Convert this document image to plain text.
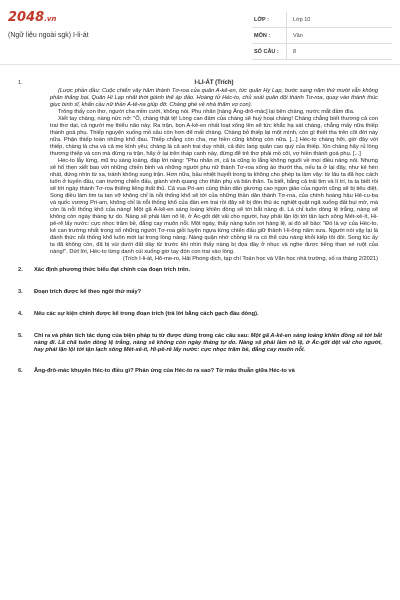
2048.vn
(Ngữ liệu ngoài sgk) I-li-át
LỚP :	Lớp 10
MÔN :	Văn
SỐ CÂU :	8
1.	I-LI-ÁT (Trích)

(Lược phần đầu: Cuộc chiến vây hãm thành Tơ-roa của quân A-kê-en, tức quân Hy Lạp, bước sang năm thứ mười vẫn không phân thắng bại. Quân Hi Lạp nhất thời giành thế áp đảo. Hoàng tử Héc-to, chủ soái quân đội thành Tơ-roa, quay vào thành thúc giục binh sĩ, khẩn cầu nữ thần A-tê-na giúp đỡ. Chàng ghé về nhà thăm vợ con).

Trông thấy con thơ, người cha mỉm cười, không nói. Phu nhân [nàng Ăng-đrô-mác] lại bên chàng, nước mắt đầm đìa.

Xiết tay chàng, nàng nức nở: "Ô, chàng thật tệ! Lòng can đảm của chàng sẽ huỷ hoại chàng! Chàng chẳng biết thương cả con trai thơ dại, cả người mẹ thiểu não này. Ra trận, bọn A-kê-en nhất loạt xông lên sẽ tức khắc hạ sát chàng, chẳng mấy nữa thiếp thành goá phụ. Thiếp nguyện xuống mồ sâu còn hơn để mất chàng. Chàng bỏ thiếp lại một mình, còn gì thiết tha trên cõi đời này nữa. Phận thiếp toàn những khổ đau. Thiếp chẳng còn cha, mẹ hiền cũng không còn nữa. [...] Héc-to chàng hỡi, giờ đây với thiếp, chàng là cha và cả mẹ kính yêu; chàng là cả anh trai duy nhất, cả đức lang quân cao quý của thiếp. Xin chàng hãy rủ lòng thương thiếp và con mà đừng ra trận, hãy ở lại trên tháp canh này, đừng để trẻ thơ phải mồ côi, vợ hiền thành goá phụ. [...]

Héc-to lẫy lừng, mũ trụ sáng loáng, đáp lời nàng: "Phu nhân ơi, cả ta cũng lo lắng không nguôi về mọi điều nàng nói. Nhưng sẽ hổ thẹn xiết bao với những chiến binh và những người phụ nữ thành Tơ-roa xống áo thướt tha, nếu ta ở lại đây, như kẻ hèn nhát, đứng nhìn từ xa, tránh không xung trận. Hơn nữa, bầu nhiệt huyết trong ta không cho phép ta làm vậy: từ lâu ta đã học cách luôn ở tuyến đầu, can trường chiến đấu, giành vinh quang cho thân phụ và bản thân. Ta biết, bằng cả trái tim và lí trí, ta ta biết rồi sẽ tới ngày thành Tơ-roa thiêng liêng thất thủ. Cả vua Pri-am cùng thần dân giương cao ngọn giáo của người cũng sẽ bị tiêu diệt. Song điều làm tim ta tan vỡ không chỉ là nỗi thống khổ sẽ tới của những thần dân thành Tơ-roa, của chính hoàng hậu Hê-cu-ba và quốc vương Pri-am, không chỉ là nỗi thống khổ của đàn em trai rồi đây sẽ bị đòn thù ác nghiệt quật ngã xuống đất bụi mờ, mà còn là nỗi thống khổ của nàng! Một gã A-kê-en sáng loáng khiên đồng sẽ tới bắt nàng đi. Lá chỉ tuôn dòng lệ trắng, nàng sẽ không còn ngày tháng tự do. Nàng sẽ phải làm nô lệ, ở Ác-gốt dệt vải cho người, hay phải lặn lội tới tận lạch sông Mét-xê-ít, Hi-pê-rê lấy nước: cực nhọc trăm bề, đắng cay muôn nỗi. Một ngày, thấy nàng tuôn rơi hàng lệ, ai đó sẽ bảo: "Đó là vợ của Héc-to, kẻ can trường nhất trong số những người Tơ-roa giỏi luyện ngựa từng chiến đấu giữ thành I-li-ông năm xưa. Người nói vậy lại là đánh thức nỗi thống khổ luôn mới lại trong lòng nàng. Nàng quận nhớ chồng lẻ ra có thể cứu nàng khỏi kiếp tôi đòi. Song lúc ấy ta đã không còn, đã bị vùi dưới đất dày từ trước khi nhìn thấy nàng bị đọa đày ở nhục và nghe được tiếng than xé ruột của nàng!". Dứt lời, Héc-to lừng danh cúi xuống giơ tay đón con trai vào lòng.

(Trích I-li-át, Hô-me-ro, Hải Phong dịch, tạp chí Toán học và Văn học nhà trường, số ra tháng 2/2021)
2. Xác định phương thức biểu đạt chính của đoạn trích trên.
3. Đoạn trích được kể theo ngôi thứ mấy?
4. Nêu các sự kiện chính được kể trong đoạn trích (trả lời bằng cách gạch đầu dòng).
5. Chỉ ra và phân tích tác dụng của biện pháp tu từ được dùng trong các câu sau: Một gã A-kê-en sáng loáng khiên đồng sẽ tới bắt nàng đi. Lã chã tuôn dòng lệ trắng, nàng sẽ không còn ngày tháng tự do. Nàng sẽ phải làm nô lệ, ở Ác-gốt dệt vải cho người, hay phải lặn lội tới tận lạch sông Mét-xê-ít, Hi-pê-rê lấy nước: cực nhọc trăm bề, đắng cay muôn nỗi.
6. Ăng-đrô-mác khuyên Héc-to điều gì? Phản ứng của Héc-to ra sao? Từ mâu thuẫn giữa Héc-to và
